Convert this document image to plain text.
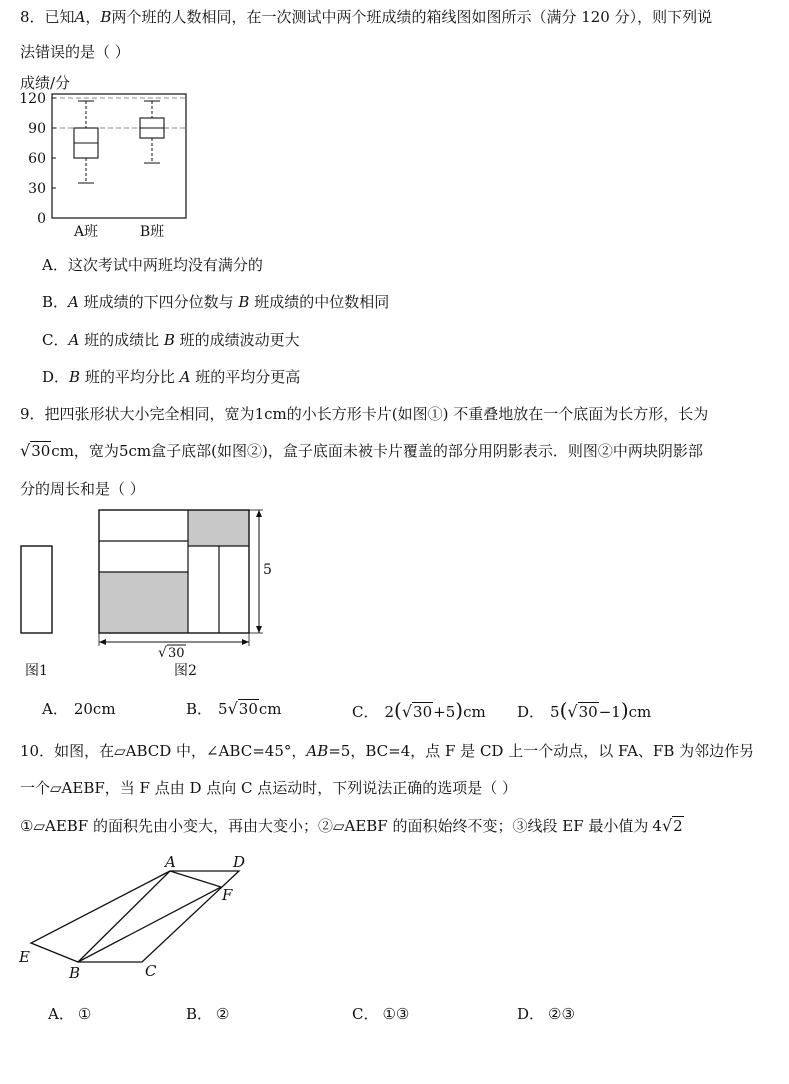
8．已知A，B两个班的人数相同，在一次测试中两个班成绩的箱线图如图所示（满分 120 分），则下列说
法错误的是（ ）
成绩/分
0
30
60
90
120
A班	B班
A．这次考试中两班均没有满分的
B．A 班成绩的下四分位数与 B 班成绩的中位数相同
C．A 班的成绩比 B 班的成绩波动更大
D．B 班的平均分比 A 班的平均分更高
9．把四张形状大小完全相同，宽为1cm的小长方形卡片(如图①) 不重叠地放在一个底面为长方形，长为
√30cm，宽为5cm盒子底部(如图②)，盒子底面未被卡片覆盖的部分用阴影表示．则图②中两块阴影部
分的周长和是（ ）
5
√ 30
图1	图2
A． 20cm	B． 5√30cm	C． 2(√30+5)cm D． 5(√30−1)cm
10．如图，在▱ABCD 中，∠ABC=45°，AB=5，BC=4，点 F 是 CD 上一个动点，以 FA、FB 为邻边作另
一个▱AEBF，当 F 点由 D 点向 C 点运动时，下列说法正确的选项是（ ）
①▱AEBF 的面积先由小变大，再由大变小；②▱AEBF 的面积始终不变；③线段 EF 最小值为 4√2
A	D
F
E
B	C
A． ①	B． ②	C． ①③	D． ②③
